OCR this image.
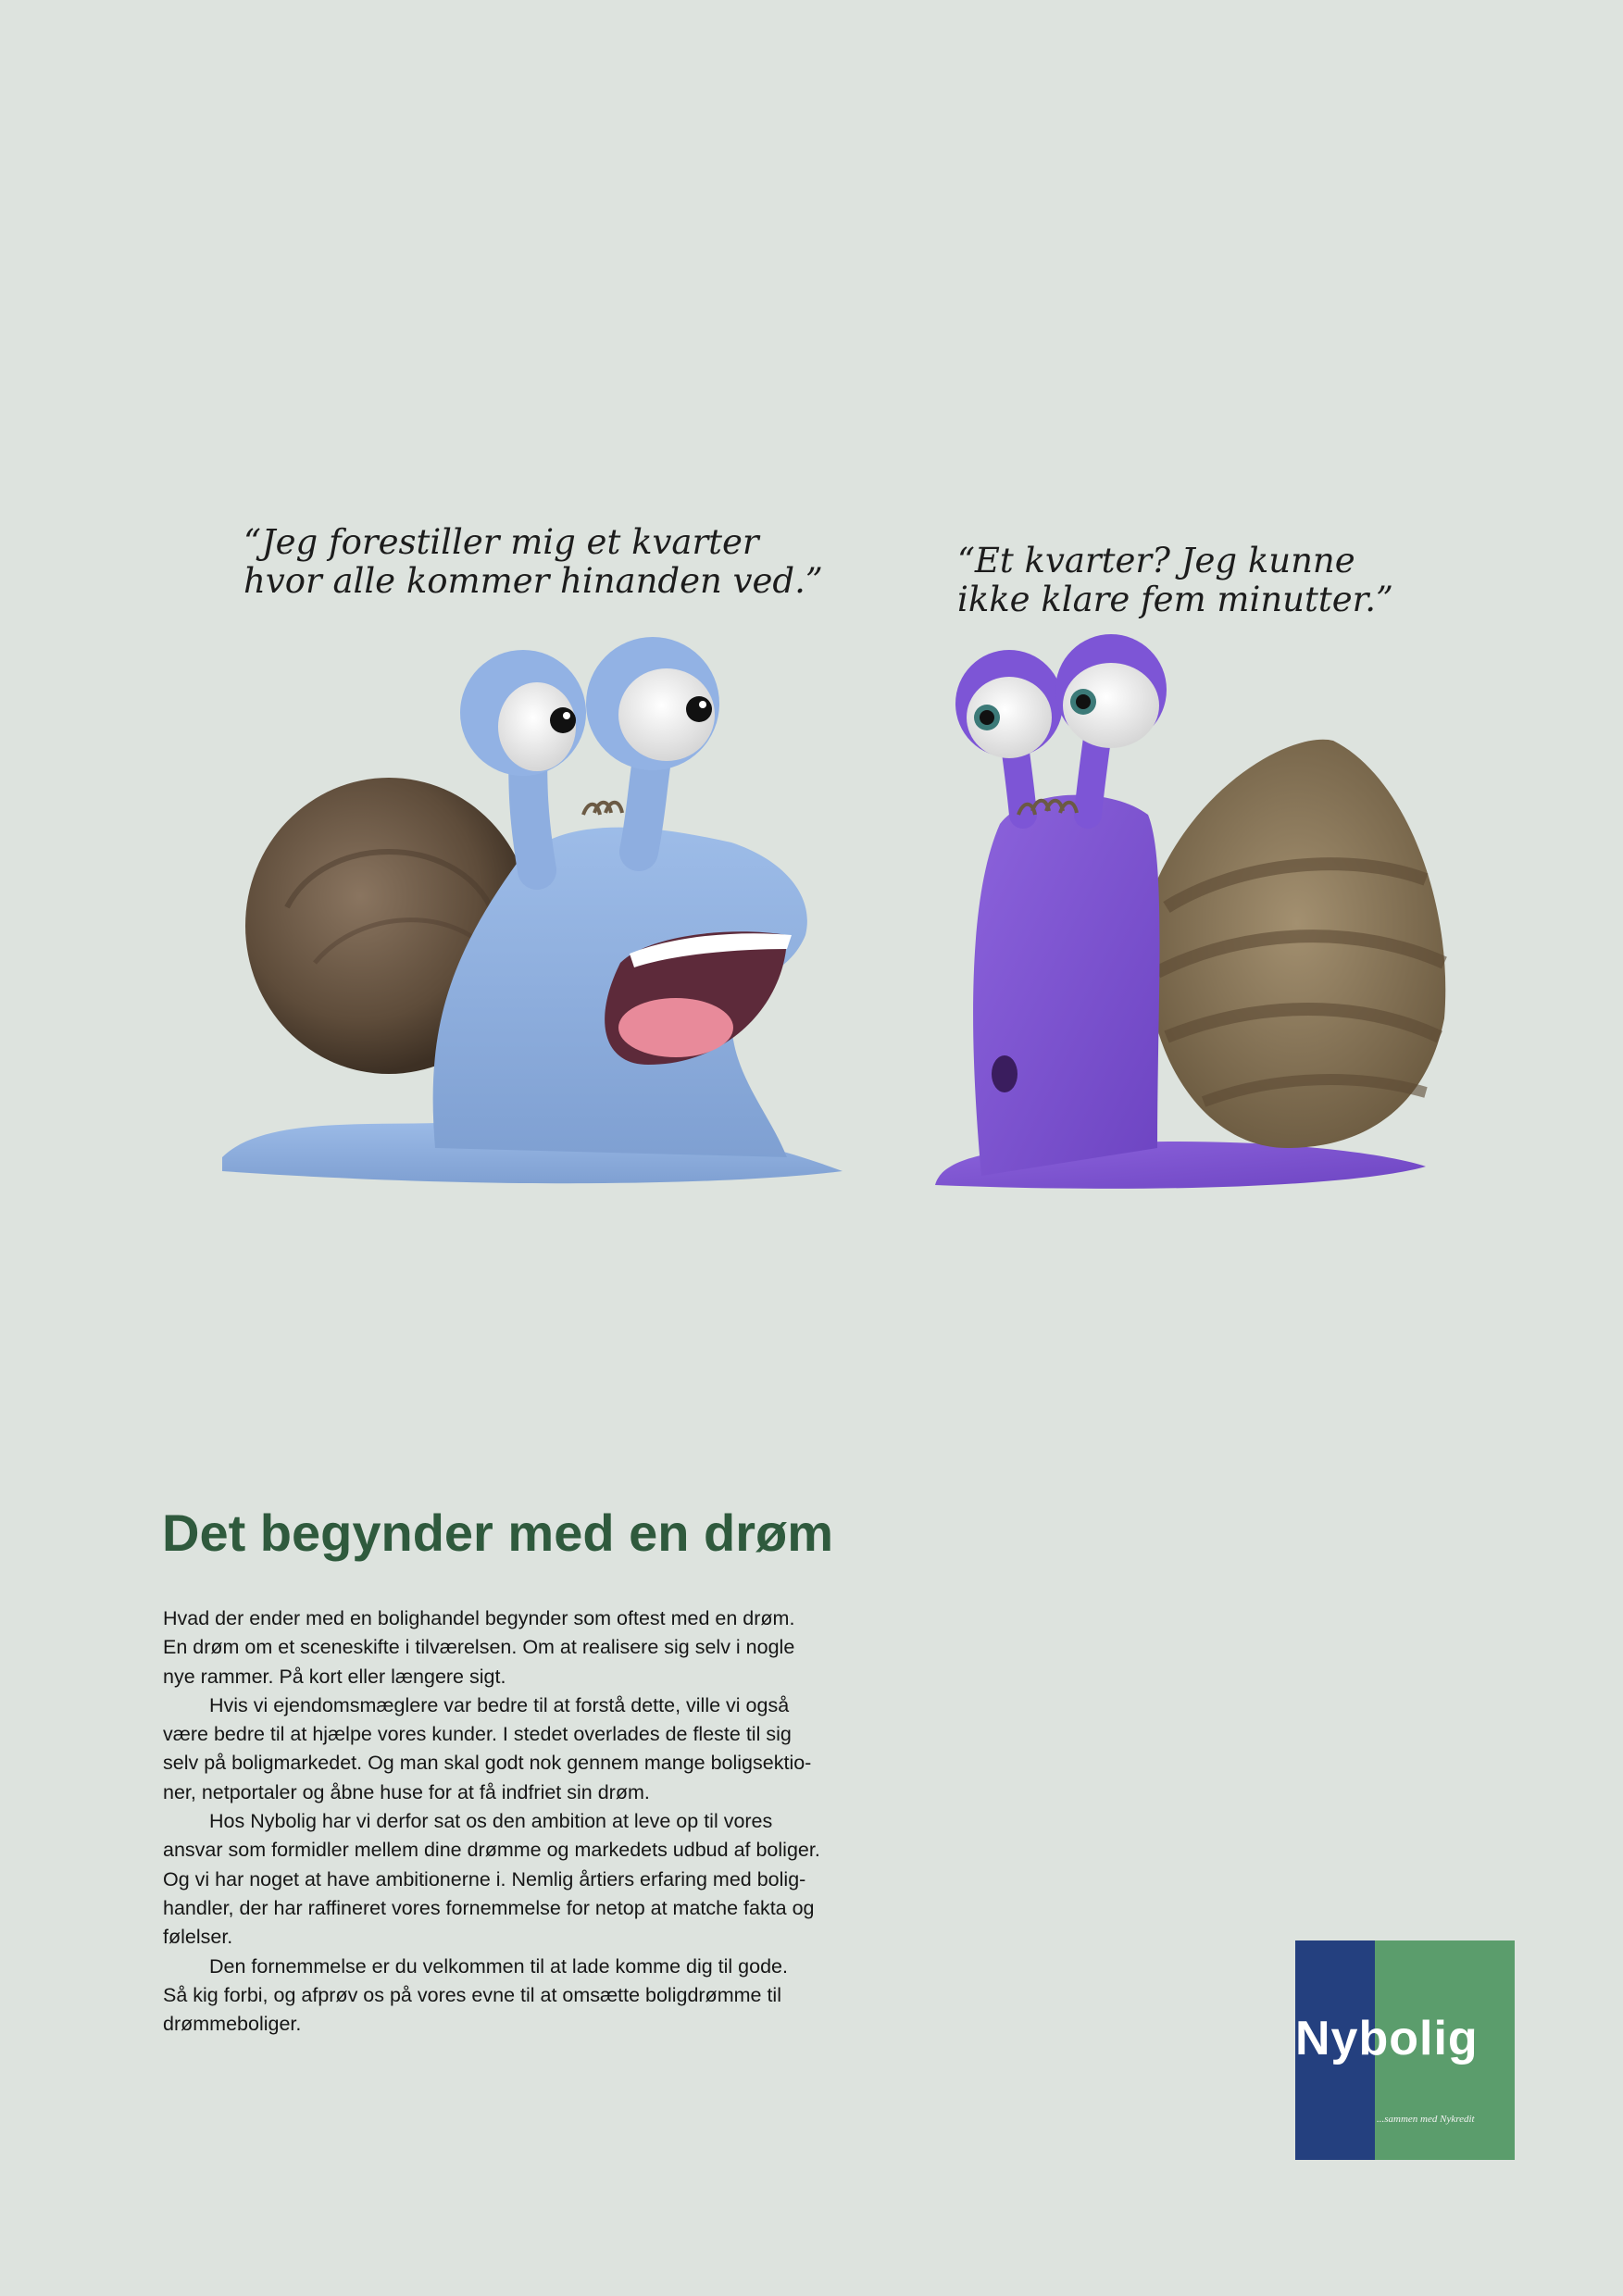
“Jeg forestiller mig et kvarter
hvor alle kommer hinanden ved.”
“Et kvarter? Jeg kunne
ikke klare fem minutter.”
Det begynder med en drøm
Hvad der ender med en bolighandel begynder som oftest med en drøm.
En drøm om et sceneskifte i tilværelsen. Om at realisere sig selv i nogle
nye rammer. På kort eller længere sigt.
Hvis vi ejendomsmæglere var bedre til at forstå dette, ville vi også
være bedre til at hjælpe vores kunder. I stedet overlades de fleste til sig
selv på boligmarkedet. Og man skal godt nok gennem mange boligsektio-
ner, netportaler og åbne huse for at få indfriet sin drøm.
Hos Nybolig har vi derfor sat os den ambition at leve op til vores
ansvar som formidler mellem dine drømme og markedets udbud af boliger.
Og vi har noget at have ambitionerne i. Nemlig årtiers erfaring med bolig-
handler, der har raffineret vores fornemmelse for netop at matche fakta og
følelser.
Den fornemmelse er du velkommen til at lade komme dig til gode.
Så kig forbi, og afprøv os på vores evne til at omsætte boligdrømme til
drømmeboliger.	Nybolig
...sammen med Nykredit
